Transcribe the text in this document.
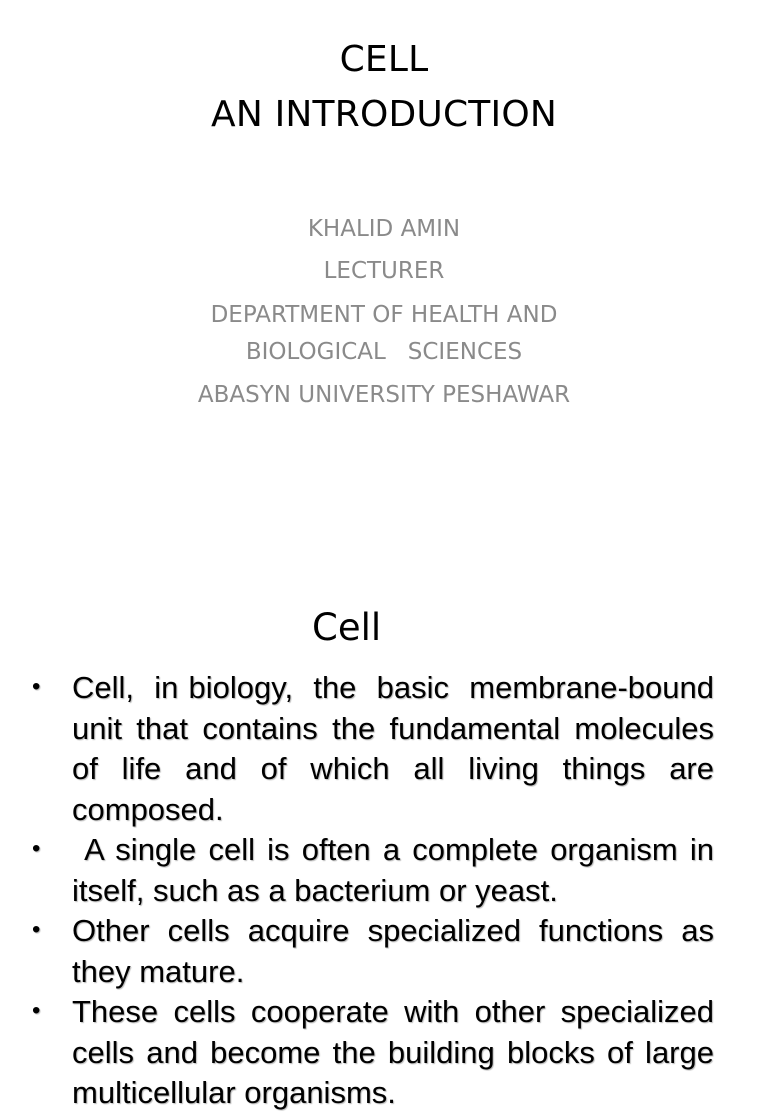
CELL
AN INTRODUCTION
KHALID AMIN
LECTURER
DEPARTMENT OF HEALTH AND
BIOLOGICAL   SCIENCES
ABASYN UNIVERSITY PESHAWAR
Cell
• Cell,  in biology,  the  basic  membrane-bound unit that contains the fundamental molecules of life and of which all living things are composed.
• A single cell is often a complete organism in itself, such as a bacterium or yeast.
• Other cells acquire specialized functions as they mature.
• These cells cooperate with other specialized cells and become the building blocks of large multicellular organisms.
